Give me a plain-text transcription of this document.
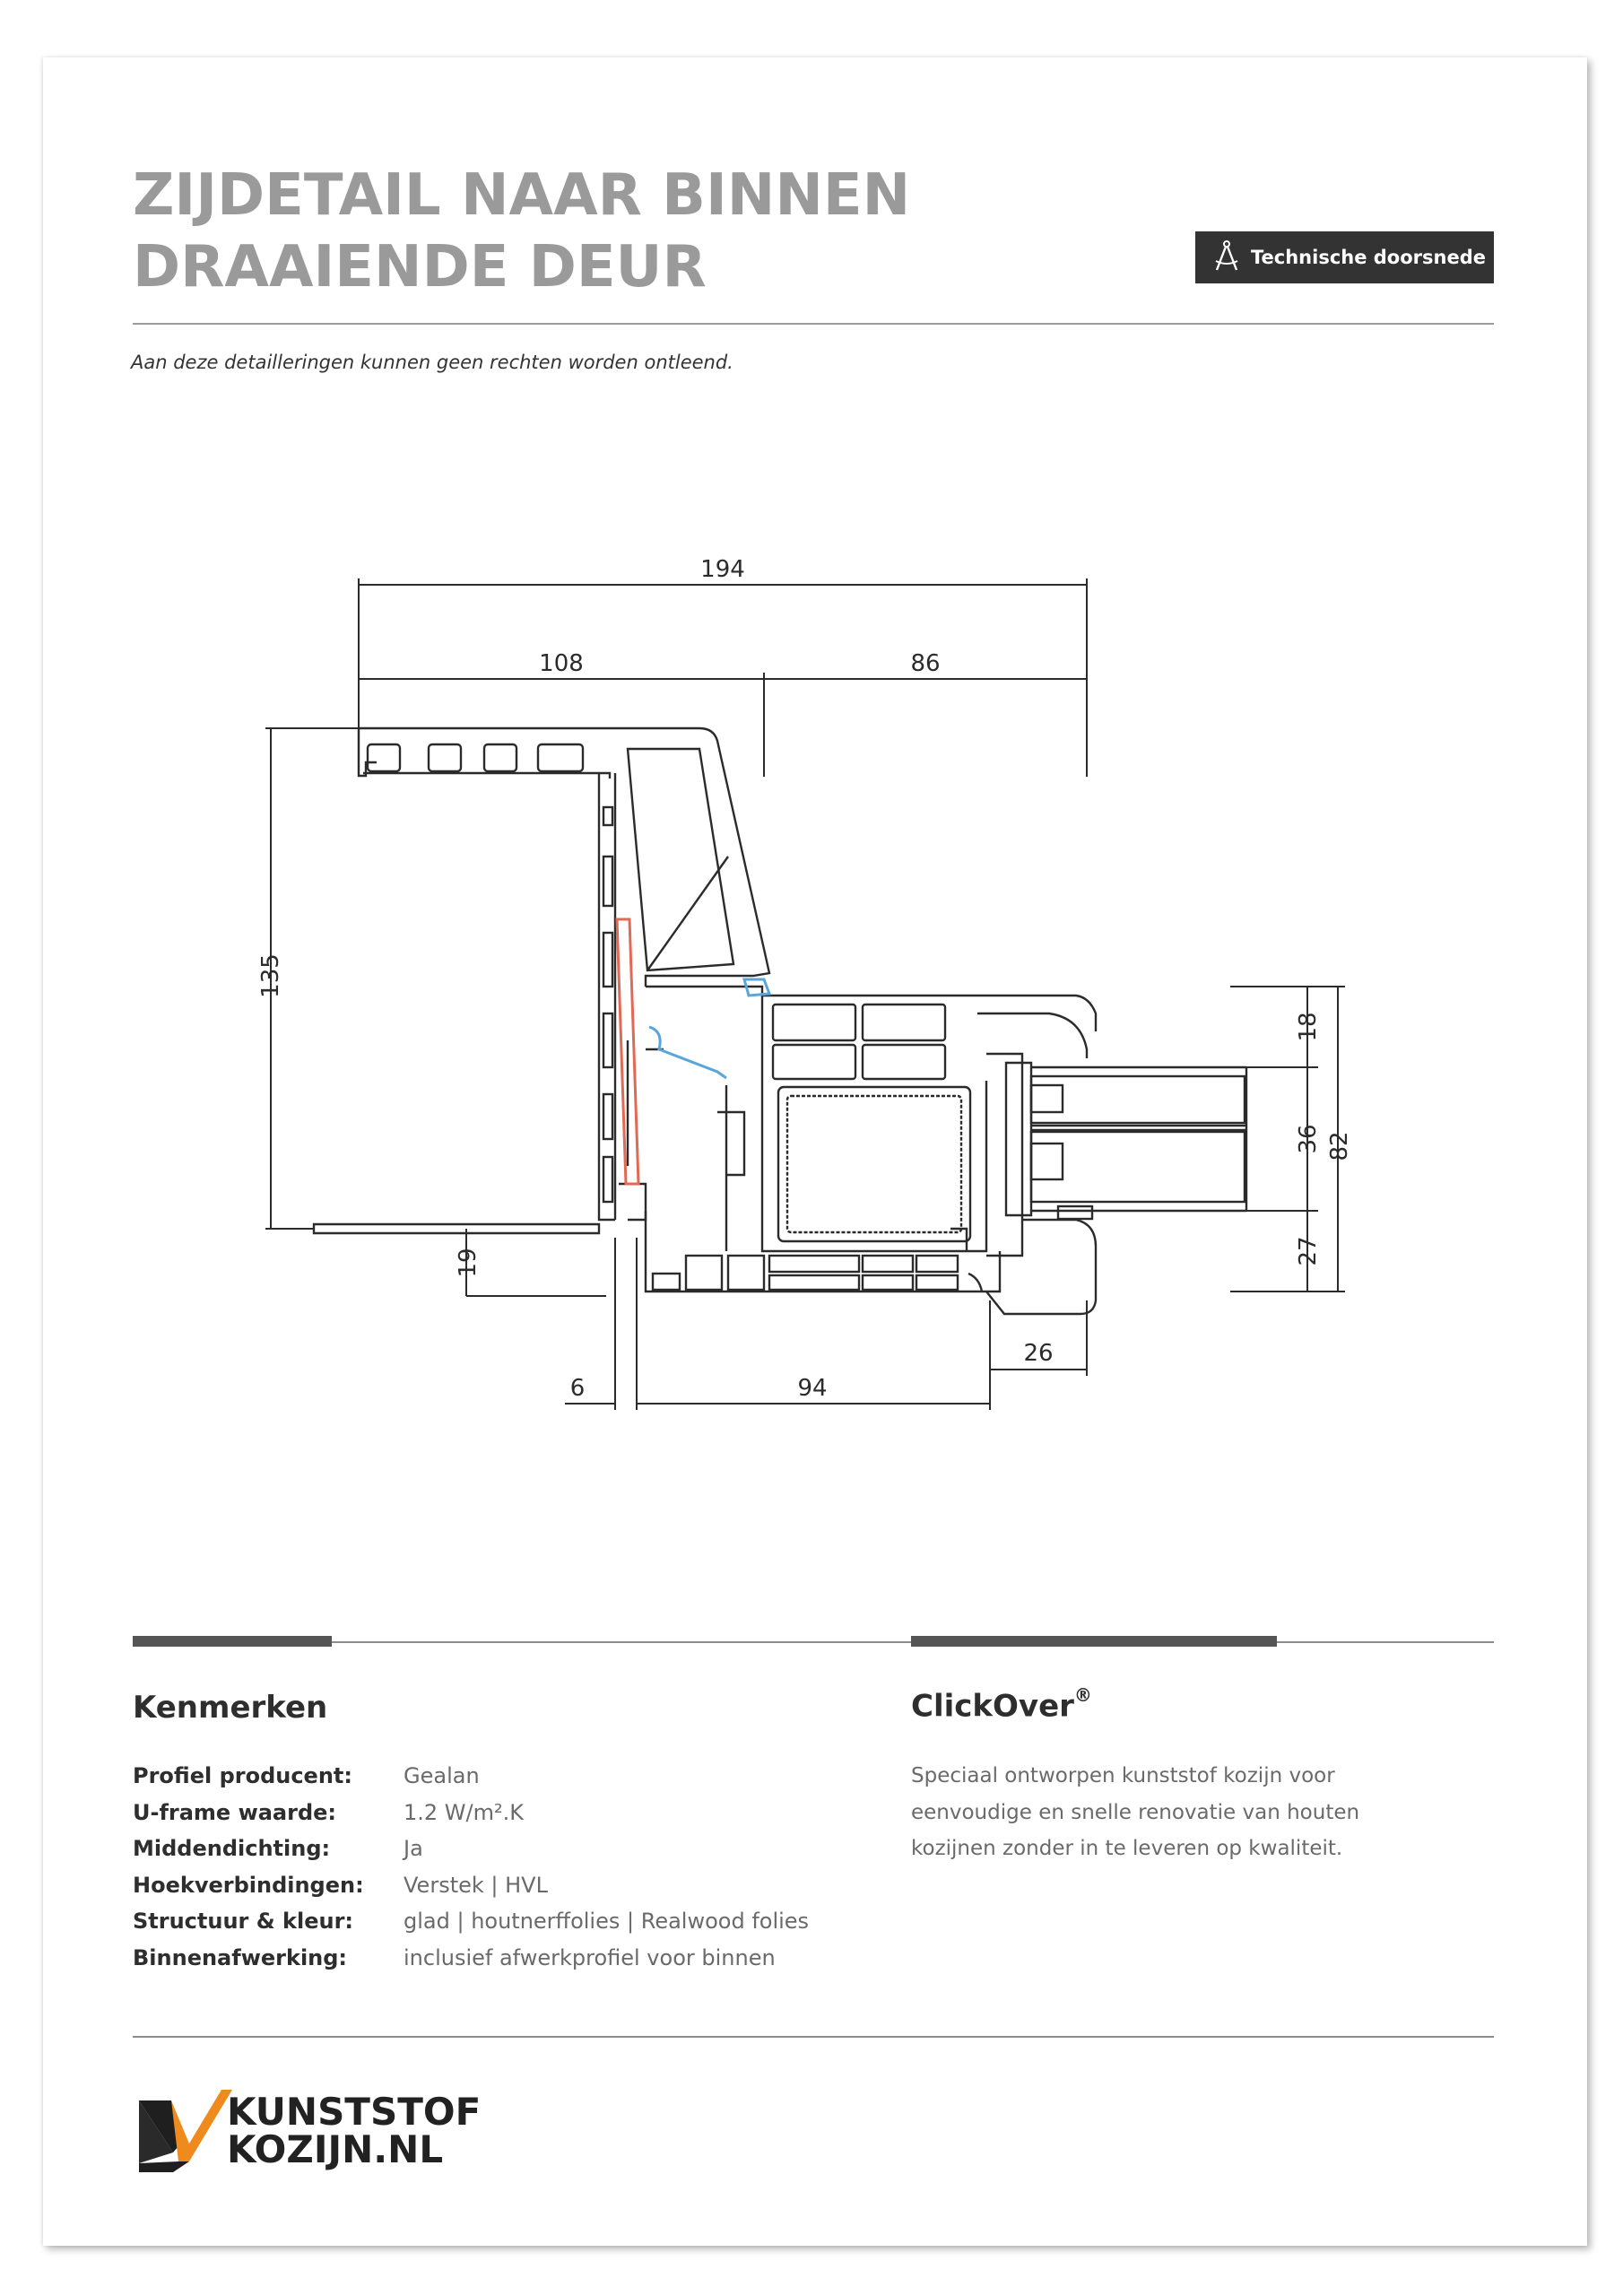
ZIJDETAIL NAAR BINNEN
DRAAIENDE DEUR	Technische doorsnede
Aan deze detailleringen kunnen geen rechten worden ontleend.
194
108	86
135
19
6	94
26
18
36
27
82
Kenmerken
Profiel producent: Gealan
U-frame waarde:	1.2 W/m².K
Middendichting:	Ja
Hoekverbindingen: Verstek | HVL
Structuur & kleur: glad | houtnerffolies | Realwood folies
Binnenafwerking:	inclusief afwerkprofiel voor binnen
ClickOver®
Speciaal ontworpen kunststof kozijn voor eenvoudige en snelle renovatie van houten kozijnen zonder in te leveren op kwaliteit.
KUNSTSTOF
KOZIJN.NL
